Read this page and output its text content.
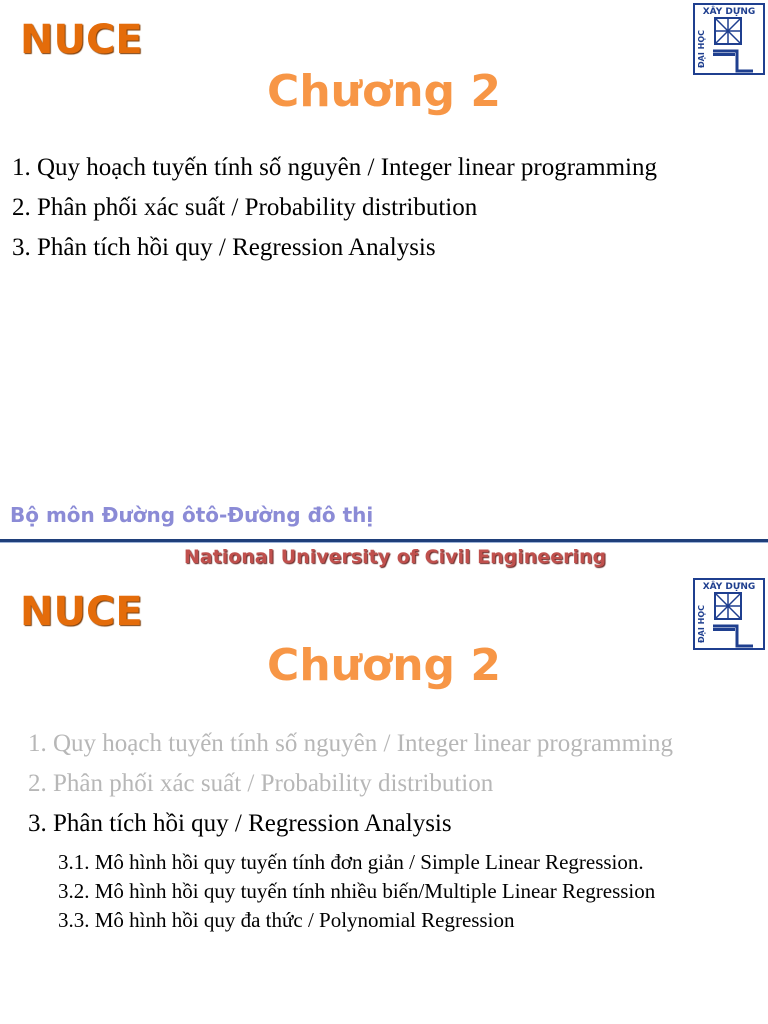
NUCE
XÂY DỰNG
ĐẠI HỌC
Chương 2
1. Quy hoạch tuyến tính số nguyên / Integer linear programming
2. Phân phối xác suất / Probability distribution
3. Phân tích hồi quy / Regression Analysis
Bộ môn Đường ôtô-Đường đô thị
National University of Civil Engineering
NUCE
XÂY DỰNG
ĐẠI HỌC
Chương 2
1. Quy hoạch tuyến tính số nguyên / Integer linear programming
2. Phân phối xác suất / Probability distribution
3. Phân tích hồi quy / Regression Analysis
3.1. Mô hình hồi quy tuyến tính đơn giản / Simple Linear Regression.
3.2. Mô hình hồi quy tuyến tính nhiều biến/Multiple Linear Regression
3.3. Mô hình hồi quy đa thức / Polynomial Regression
